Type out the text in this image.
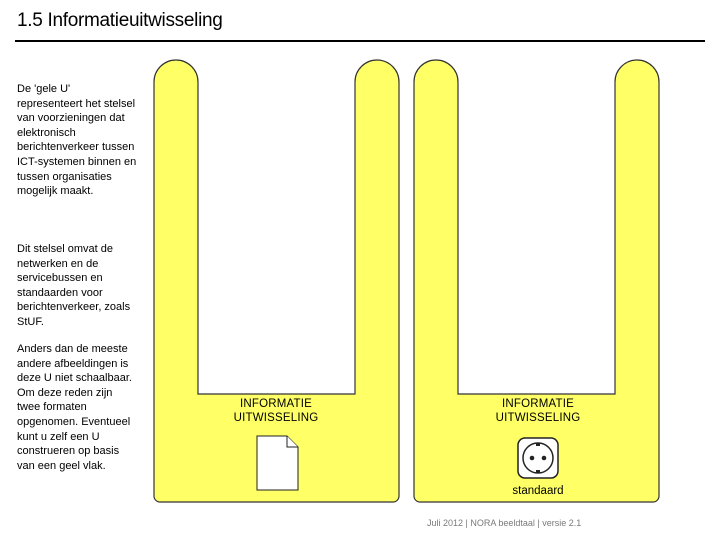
1.5 Informatieuitwisseling
De 'gele U' representeert het stelsel van voorzieningen dat elektronisch berichtenverkeer tussen ICT-systemen binnen en tussen organisaties mogelijk maakt.
Dit stelsel omvat de netwerken en de servicebussen en standaarden voor berichtenverkeer, zoals StUF.
Anders dan de meeste andere afbeeldingen is deze U niet schaalbaar. Om deze reden zijn twee formaten opgenomen. Eventueel kunt u zelf een U construeren op basis van een geel vlak.
INFORMATIE UITWISSELING
INFORMATIE UITWISSELING
standaard
Juli 2012 | NORA beeldtaal | versie 2.1
